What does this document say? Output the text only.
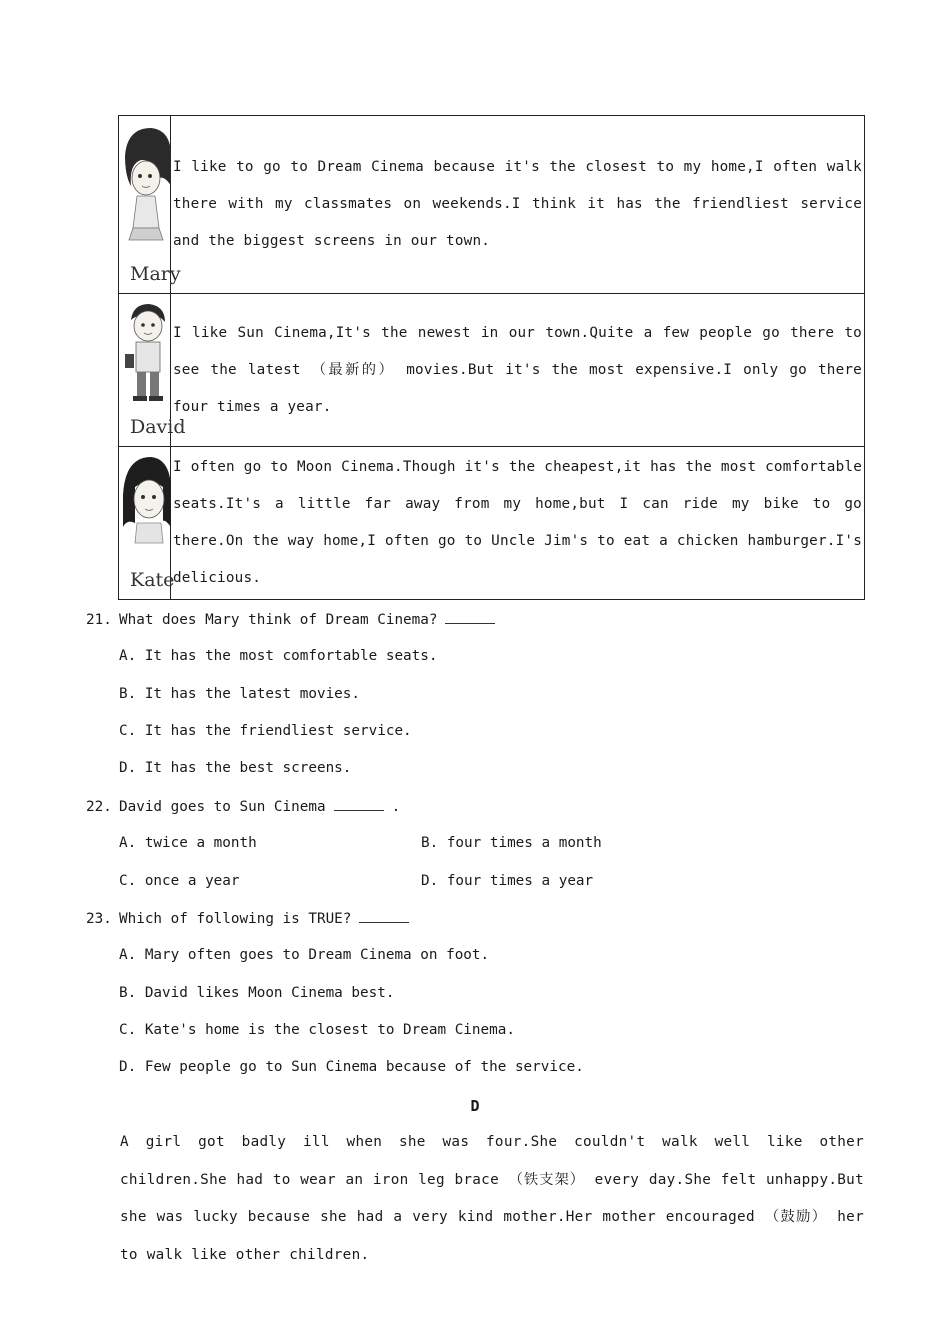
Mary
I like to go to Dream Cinema because it's the closest to my home,I often walk there with my classmates on weekends.I think it has the friendliest service and the biggest screens in our town.
David
I like Sun Cinema,It's the newest in our town.Quite a few people go there to see the latest （最新的） movies.But it's the most expensive.I only go there four times a year.
Kate
I often go to Moon Cinema.Though it's the cheapest,it has the most comfortable seats.It's a little far away from my home,but I can ride my bike to go there.On the way home,I often go to Uncle Jim's to eat a chicken hamburger.I's delicious.
21. What does Mary think of Dream Cinema?
A. It has the most comfortable seats.
B. It has the latest movies.
C. It has the friendliest service.
D. It has the best screens.
22. David goes to Sun Cinema	.
A. twice a month	B. four times a month
C. once a year	D. four times a year
23. Which of following is TRUE?
A. Mary often goes to Dream Cinema on foot.
B. David likes Moon Cinema best.
C. Kate's home is the closest to Dream Cinema.
D. Few people go to Sun Cinema because of the service.
D
A girl got badly ill when she was four.She couldn't walk well like other children.She had to wear an iron leg brace （铁支架） every day.She felt unhappy.But she was lucky because she had a very kind mother.Her mother encouraged （鼓励） her to walk like other children.
